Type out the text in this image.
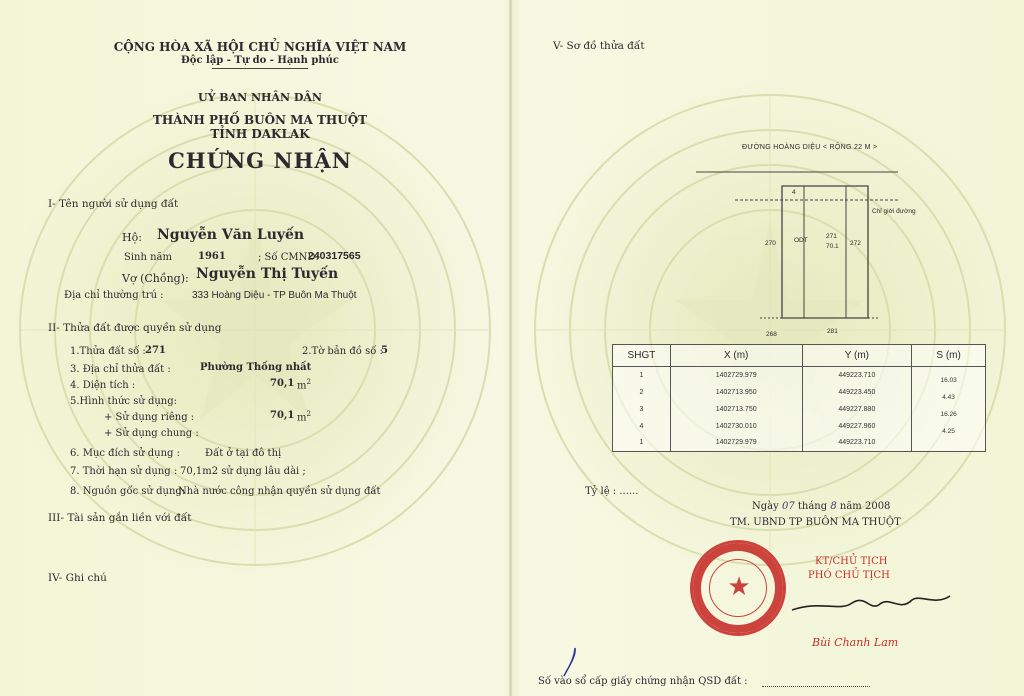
CỘNG HÒA XÃ HỘI CHỦ NGHĨA VIỆT NAM
Độc lập - Tự do - Hạnh phúc
UỶ BAN NHÂN DÂN
THÀNH PHỐ BUÔN MA THUỘT
TỈNH DAKLAK
CHỨNG NHẬN
I- Tên người sử dụng đất
Hộ: Nguyễn Văn Luyến
Sinh năm	1961	; Số CMND:
240317565
Vợ (Chồng): Nguyễn Thị Tuyến
Địa chỉ thường trú :	333 Hoàng Diệu - TP Buôn Ma Thuột
II- Thửa đất được quyền sử dụng
1.Thửa đất số : 271	2.Tờ bản đồ số :
5
3. Địa chỉ thửa đất :	Phường Thống nhất
4. Diện tích :	70,1 $m^2$
5.Hình thức sử dụng:
+ Sử dụng riêng :	70,1 $m^2$
+ Sử dụng chung :
6. Mục đích sử dụng :	Đất ở tại đô thị
7. Thời hạn sử dụng : 70,1m2 sử dụng lâu dài ;
8. Nguồn gốc sử dụng:
Nhà nước công nhận quyền sử dụng đất
III- Tài sản gắn liền với đất
IV- Ghi chú
V- Sơ đồ thửa đất
ĐƯỜNG HOÀNG DIỆU < RỘNG 22 M >
Chỉ giới đường
271
ODT
70.1 272
270
268	281
4
SHGT	X (m)	Y (m)	S (m)
1	1402729.979	449223.710	16.03
2	1402713.950	449223.450	4.43
3	1402713.750	449227.880	16.26
4	1402730.010	449227.960	4.25
1	1402729.979	449223.710	
Tỷ lệ : ......
Ngày 07 tháng 8 năm 2008
TM. UBND TP BUÔN MA THUỘT
★
KT/CHỦ TỊCH
PHÓ CHỦ TỊCH
Bùi Chanh Lam
Số vào sổ cấp giấy chứng nhận QSD đất :
